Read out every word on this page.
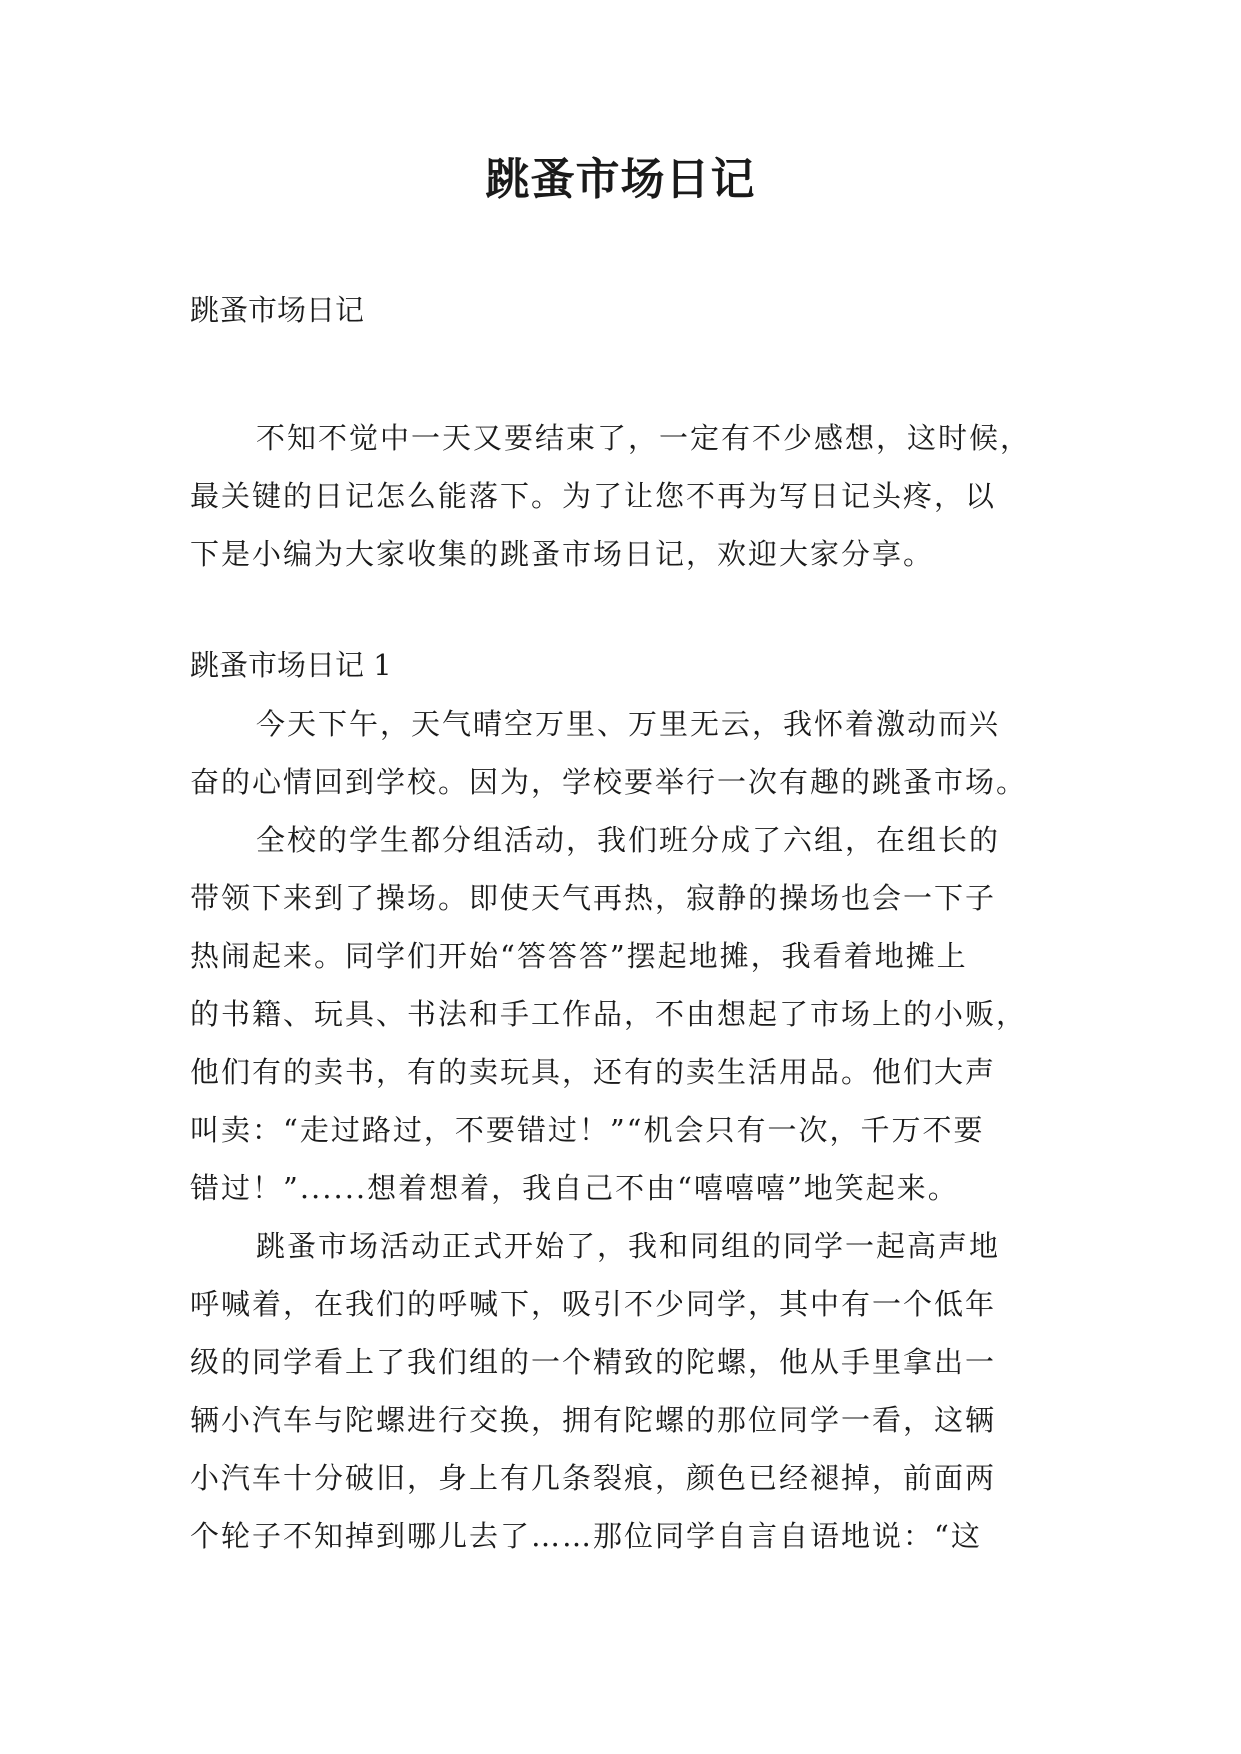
跳蚤市场日记
跳蚤市场日记
不知不觉中一天又要结束了，一定有不少感想，这时候，
最关键的日记怎么能落下。为了让您不再为写日记头疼，以
下是小编为大家收集的跳蚤市场日记，欢迎大家分享。
跳蚤市场日记 1
今天下午，天气晴空万里、万里无云，我怀着激动而兴
奋的心情回到学校。因为，学校要举行一次有趣的跳蚤市场。
全校的学生都分组活动，我们班分成了六组，在组长的
带领下来到了操场。即使天气再热，寂静的操场也会一下子
热闹起来。同学们开始“答答答”摆起地摊，我看着地摊上
的书籍、玩具、书法和手工作品，不由想起了市场上的小贩，
他们有的卖书，有的卖玩具，还有的卖生活用品。他们大声
叫卖：“走过路过，不要错过！”“机会只有一次，千万不要
错过！”......想着想着，我自己不由“嘻嘻嘻”地笑起来。
跳蚤市场活动正式开始了，我和同组的同学一起高声地
呼喊着，在我们的呼喊下，吸引不少同学，其中有一个低年
级的同学看上了我们组的一个精致的陀螺，他从手里拿出一
辆小汽车与陀螺进行交换，拥有陀螺的那位同学一看，这辆
小汽车十分破旧，身上有几条裂痕，颜色已经褪掉，前面两
个轮子不知掉到哪儿去了……那位同学自言自语地说：“这
